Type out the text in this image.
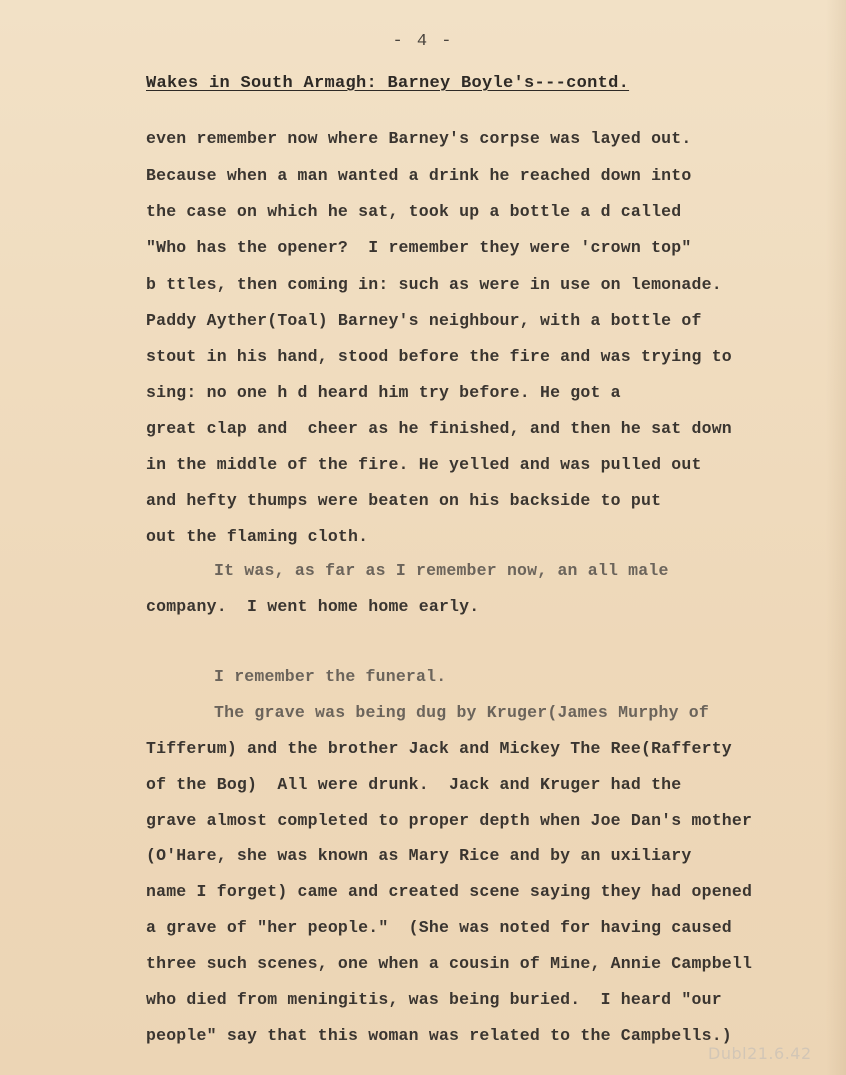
- 4 -
Wakes in South Armagh: Barney Boyle's---contd.
even remember now where Barney's corpse was layed out.
Because when a man wanted a drink he reached down into
the case on which he sat, took up a bottle a d called
"Who has the opener?  I remember they were 'crown top"
b ttles, then coming in: such as were in use on lemonade.
Paddy Ayther(Toal) Barney's neighbour, with a bottle of
stout in his hand, stood before the fire and was trying to
sing: no one h d heard him try before. He got a
great clap and  cheer as he finished, and then he sat down
in the middle of the fire. He yelled and was pulled out
and hefty thumps were beaten on his backside to put
out the flaming cloth.
It was, as far as I remember now, an all male
company.  I went home home early.
I remember the funeral.
The grave was being dug by Kruger(James Murphy of
Tifferum) and the brother Jack and Mickey The Ree(Rafferty
of the Bog)  All were drunk.  Jack and Kruger had the
grave almost completed to proper depth when Joe Dan's mother
(O'Hare, she was known as Mary Rice and by an uxiliary
name I forget) came and created scene saying they had opened
a grave of "her people."  (She was noted for having caused
three such scenes, one when a cousin of Mine, Annie Campbell
who died from meningitis, was being buried.  I heard "our
people" say that this woman was related to the Campbells.)
Dubl21.6.42
